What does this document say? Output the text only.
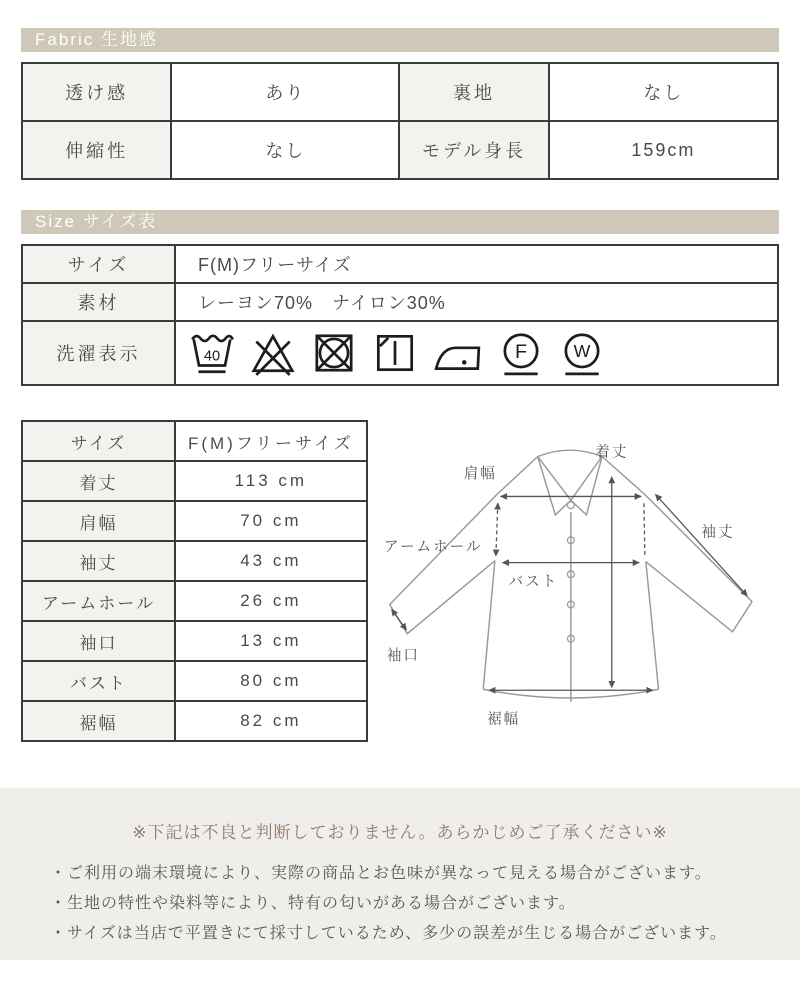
Fabric 生地感
透け感	あり	裏地	なし
伸縮性	なし	モデル身長	159cm
Size サイズ表
サイズ	F(M)フリーサイズ
素材	レーヨン70%　ナイロン30%
洗濯表示	40 F W
サイズ	F(M)フリーサイズ
着丈	113 cm
肩幅	70 cm
袖丈	43 cm
アームホール	26 cm
袖口	13 cm
バスト	80 cm
裾幅	82 cm
肩幅
着丈
アームホール
袖丈
バスト
袖口
裾幅

※下記は不良と判断しておりません。あらかじめご了承ください※

・ご利用の端末環境により、実際の商品とお色味が異なって見える場合がございます。
・生地の特性や染料等により、特有の匂いがある場合がございます。
・サイズは当店で平置きにて採寸しているため、多少の誤差が生じる場合がございます。
